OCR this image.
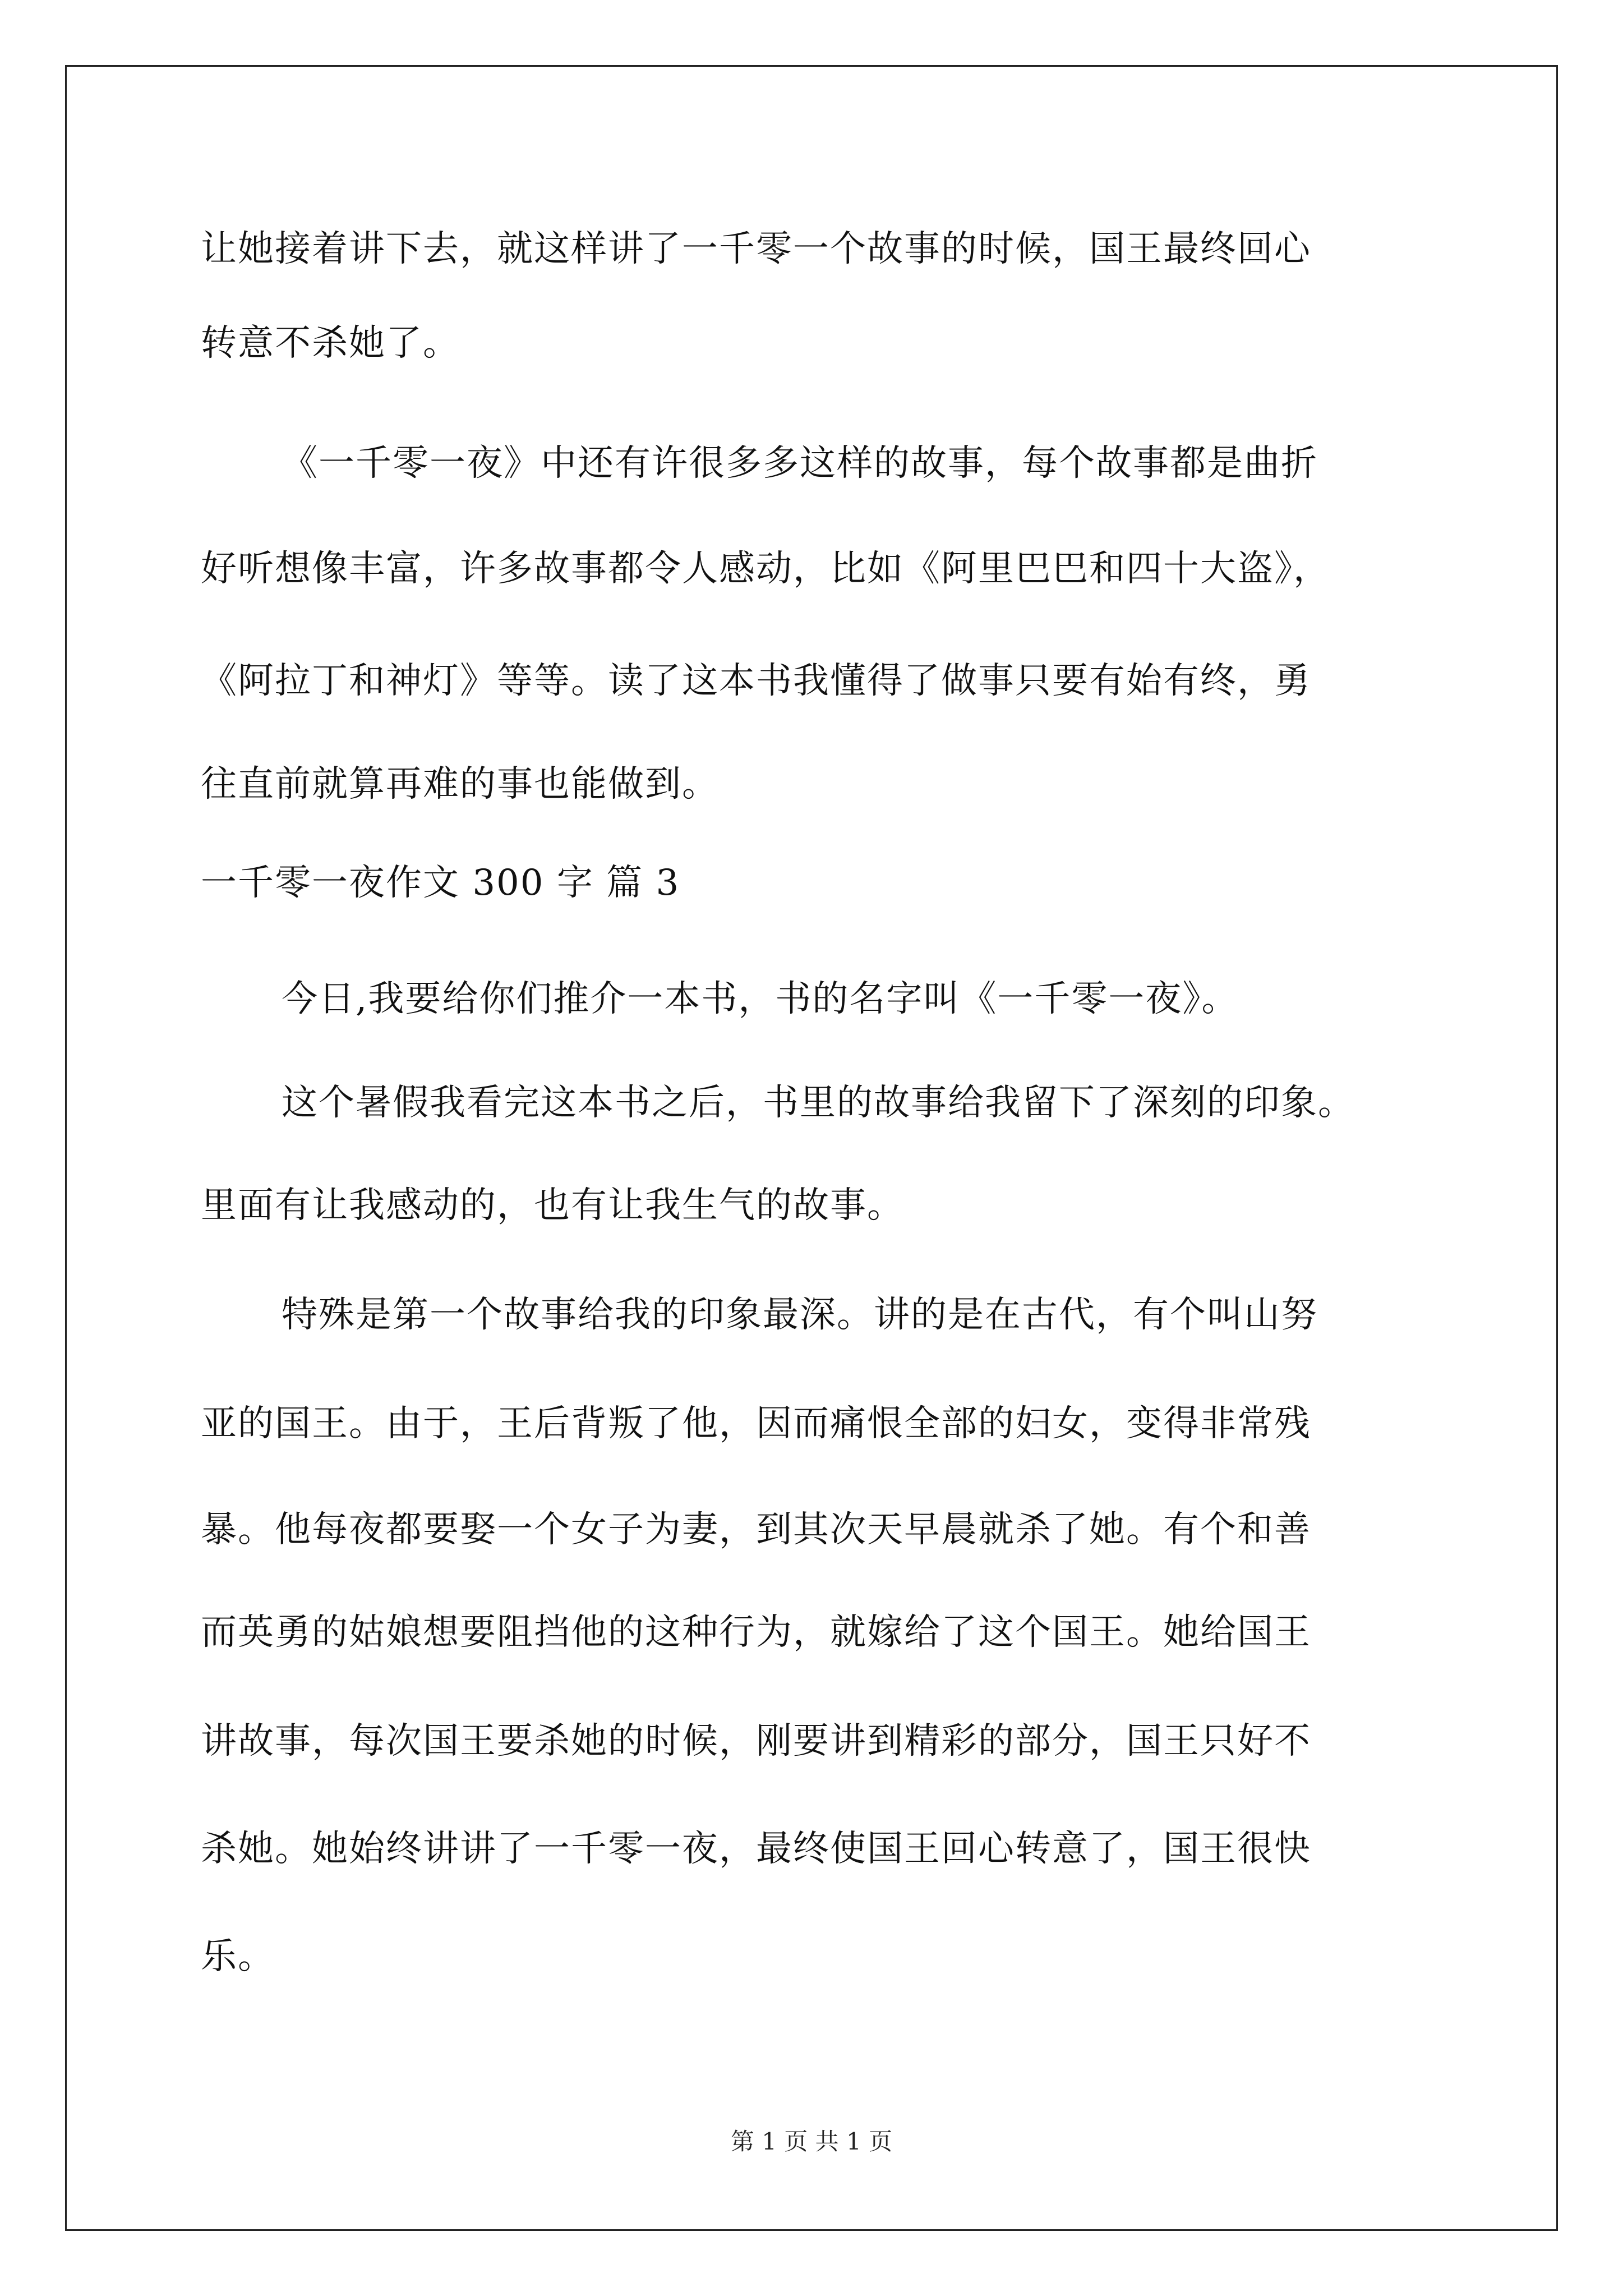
让她接着讲下去，就这样讲了一千零一个故事的时候，国王最终回心
转意不杀她了。
《一千零一夜》中还有许很多多这样的故事，每个故事都是曲折
好听想像丰富，许多故事都令人感动，比如《阿里巴巴和四十大盗》，
《阿拉丁和神灯》等等。读了这本书我懂得了做事只要有始有终，勇
往直前就算再难的事也能做到。
一千零一夜作文 300 字 篇 3
今日,我要给你们推介一本书，书的名字叫《一千零一夜》。
这个暑假我看完这本书之后，书里的故事给我留下了深刻的印象。
里面有让我感动的，也有让我生气的故事。
特殊是第一个故事给我的印象最深。讲的是在古代，有个叫山努
亚的国王。由于，王后背叛了他，因而痛恨全部的妇女，变得非常残
暴。他每夜都要娶一个女子为妻，到其次天早晨就杀了她。有个和善
而英勇的姑娘想要阻挡他的这种行为，就嫁给了这个国王。她给国王
讲故事，每次国王要杀她的时候，刚要讲到精彩的部分，国王只好不
杀她。她始终讲讲了一千零一夜，最终使国王回心转意了，国王很快
乐。
第 1 页 共 1 页
